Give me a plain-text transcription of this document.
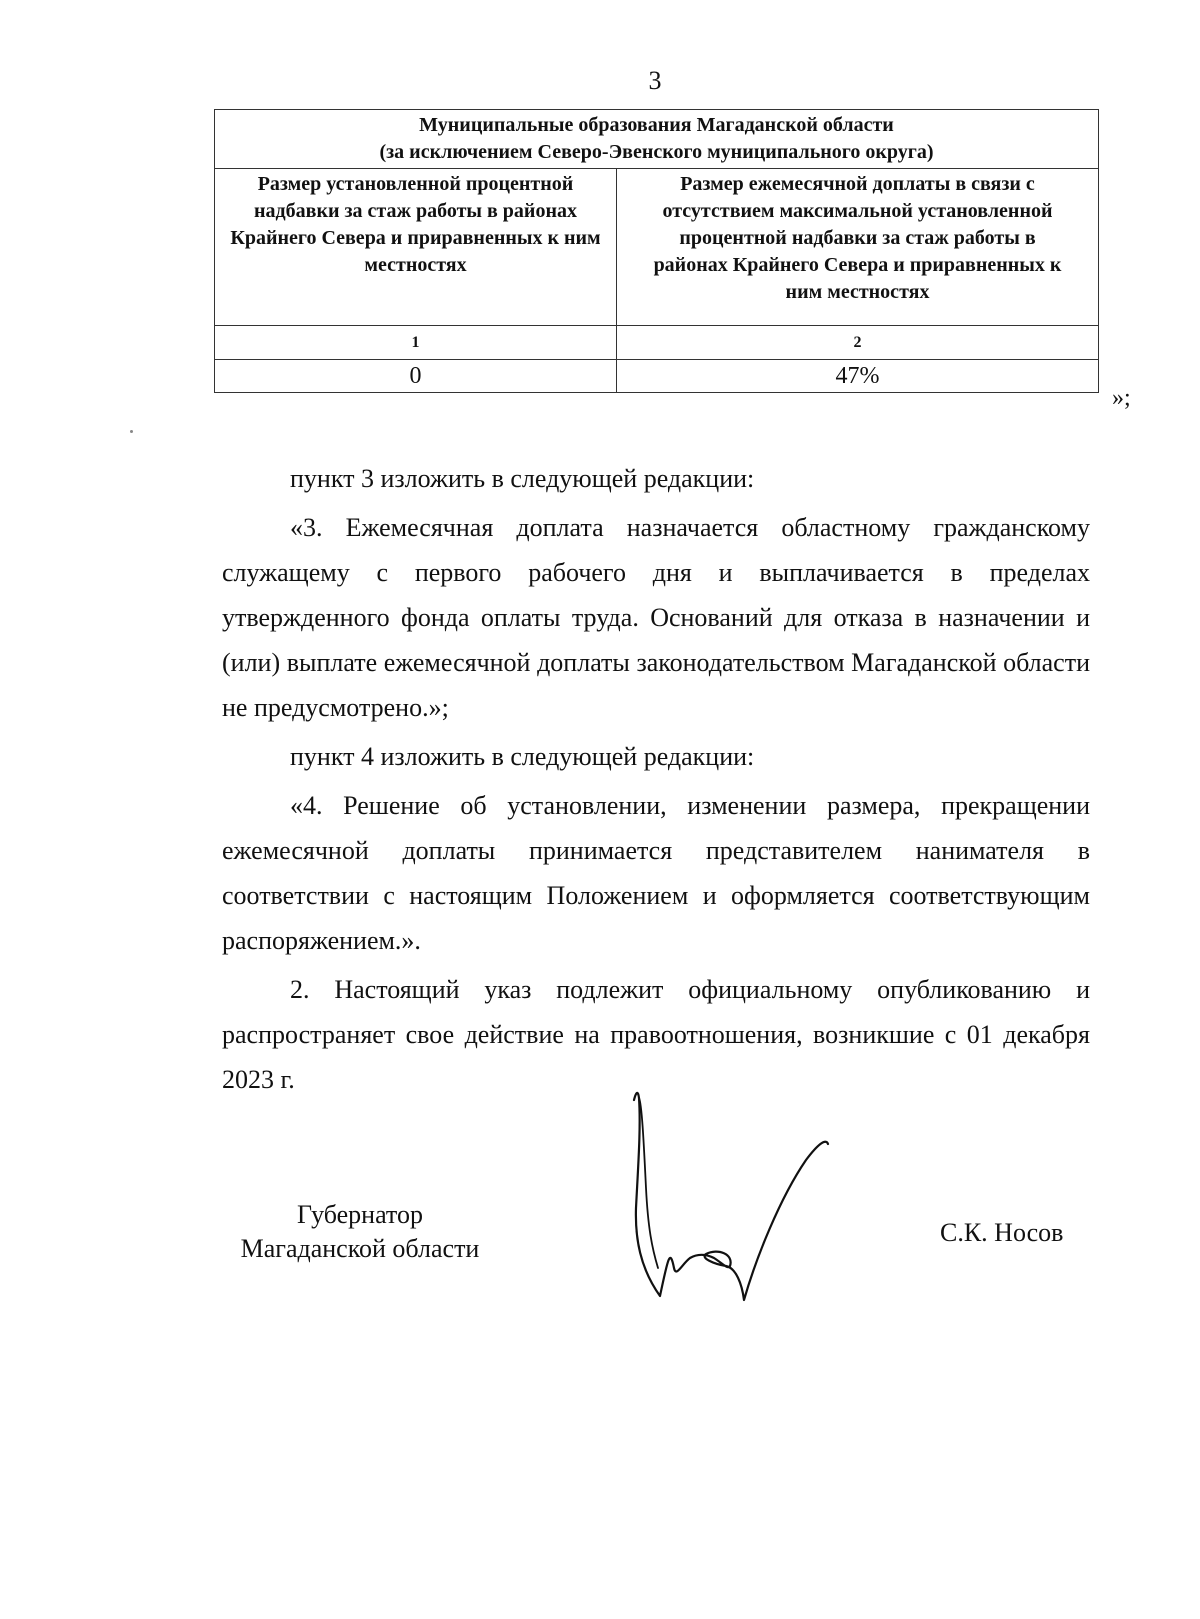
3
Муниципальные образования Магаданской области
(за исключением Северо-Эвенского муниципального округа)	

Размер установленной процентной надбавки за стаж работы в районах Крайнего Севера и приравненных к ним местностях	Размер ежемесячной доплаты в связи с отсутствием максимальной установленной процентной надбавки за стаж работы в районах Крайнего Севера и приравненных к ним местностях
1	2
0	47%
»;

пункт 3 изложить в следующей редакции:

«3. Ежемесячная доплата назначается областному гражданскому служащему с первого рабочего дня и выплачивается в пределах утвержденного фонда оплаты труда. Оснований для отказа в назначении и (или) выплате ежемесячной доплаты законодательством Магаданской области не предусмотрено.»;

пункт 4 изложить в следующей редакции:

«4. Решение об установлении, изменении размера, прекращении ежемесячной доплаты принимается представителем нанимателя в соответствии с настоящим Положением и оформляется соответствующим распоряжением.».

2. Настоящий указ подлежит официальному опубликованию и распространяет свое действие на правоотношения, возникшие с 01 декабря 2023 г.

Губернатор
Магаданской области
С.К. Носов
